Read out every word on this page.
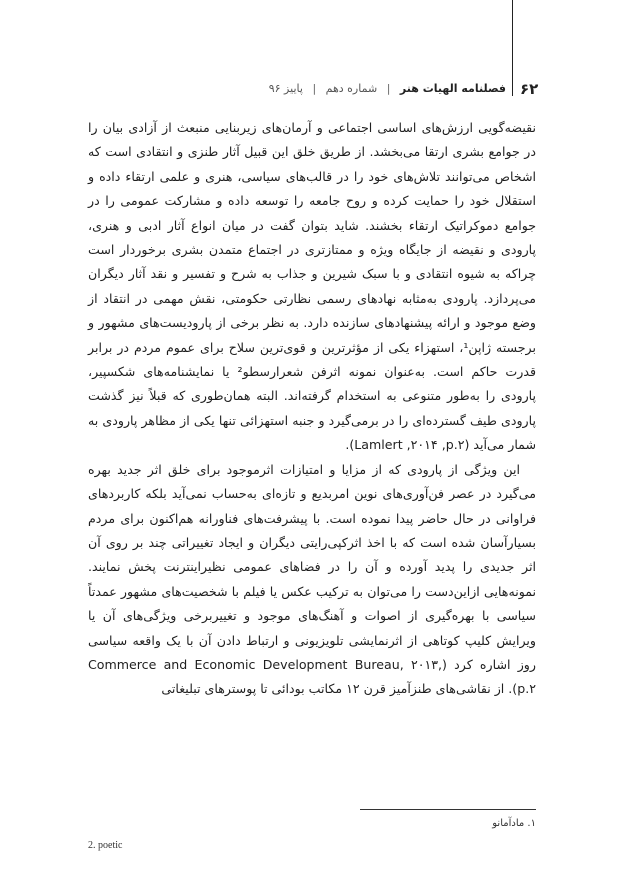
۶۲
فصلنامه الهیات هنر | شماره دهم | پاییز ۹۶

نقیضه‌گویی ارزش‌های اساسی اجتماعی و آرمان‌های زیربنایی منبعث از آزادی بیان را در جوامع بشری ارتقا می‌بخشد. از طریق خلق این قبیل آثار طنزی و انتقادی است که اشخاص می‌توانند تلاش‌های خود را در قالب‌های سیاسی، هنری و علمی ارتقاء داده و استقلال خود را حمایت کرده و روح جامعه را توسعه داده و مشارکت عمومی را در جوامع دموکراتیک ارتقاء بخشند. شاید بتوان گفت در میان انواع آثار ادبی و هنری، پارودی و نقیضه از جایگاه ویژه و ممتازتری در اجتماع متمدن بشری برخوردار است چراکه به شیوه انتقادی و با سبک شیرین و جذاب به شرح و تفسیر و نقد آثار دیگران می‌پردازد. پارودی به‌مثابه نهادهای رسمی نظارتی حکومتی، نقش مهمی در انتقاد از وضع موجود و ارائه پیشنهادهای سازنده دارد. به نظر برخی از پارودیست‌های مشهور و برجسته ژاپن¹، استهزاء یکی از مؤثرترین و قوی‌ترین سلاح برای عموم مردم در برابر قدرت حاکم است. به‌عنوان نمونه اثرفن شعرارسطو² یا نمایشنامه‌های شکسپیر، پارودی را به‌طور متنوعی به استخدام گرفته‌اند. البته همان‌طوری که قبلاً نیز گذشت پارودی طیف گسترده‌ای را در برمی‌گیرد و جنبه استهزائی تنها یکی از مظاهر پارودی به شمار می‌آید (Lamlert ,۲۰۱۴ ,p.۲).

این ویژگی از پارودی که از مزایا و امتیازات اثرموجود برای خلق اثر جدید بهره می‌گیرد در عصر فن‌آوری‌های نوین امربدیع و تازه‌ای به‌حساب نمی‌آید بلکه کاربردهای فراوانی در حال حاضر پیدا نموده است. با پیشرفت‌های فناورانه هم‌اکنون برای مردم بسیارآسان شده است که با اخذ اثرکپی‌رایتی دیگران و ایجاد تغییراتی چند بر روی آن اثر جدیدی را پدید آورده و آن را در فضاهای عمومی نظیراینترنت پخش نمایند. نمونه‌هایی ازاین‌دست را می‌توان به ترکیب عکس یا فیلم با شخصیت‌های مشهور عمدتاً سیاسی با بهره‌گیری از اصوات و آهنگ‌های موجود و تغییربرخی ویژگی‌های آن یا ویرایش کلیپ کوتاهی از اثرنمایشی تلویزیونی و ارتباط دادن آن با یک واقعه سیاسی روز اشاره کرد (Commerce and Economic Development Bureau, ۲۰۱۳, p.۲). از نقاشی‌های طنزآمیز قرن ۱۲ مکاتب بودائی تا پوسترهای تبلیغاتی

۱. ماد‌آمانو
2. poetic
